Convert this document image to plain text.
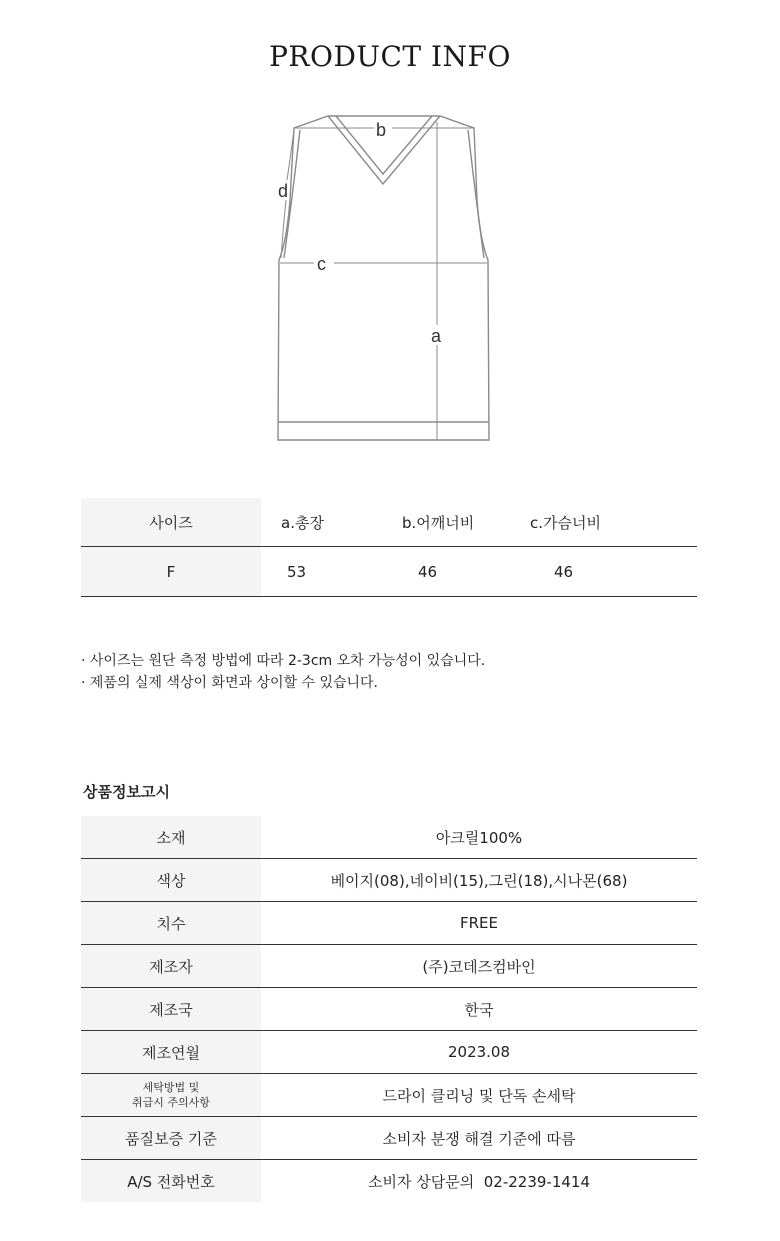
PRODUCT INFO
b
d
c
a
사이즈	a.총장	b.어깨너비	c.가슴너비
F	53	46	46
· 사이즈는 원단 측정 방법에 따라 2-3cm 오차 가능성이 있습니다.
· 제품의 실제 색상이 화면과 상이할 수 있습니다.
상품정보고시
소재	아크릴100%
색상	베이지(08),네이비(15),그린(18),시나몬(68)
치수	FREE
제조자	(주)코데즈컴바인
제조국	한국
제조연월	2023.08

세탁방법 및
취급시 주의사항	드라이 클리닝 및 단독 손세탁
품질보증 기준	소비자 분쟁 해결 기준에 따름
A/S 전화번호	소비자 상담문의  02-2239-1414
